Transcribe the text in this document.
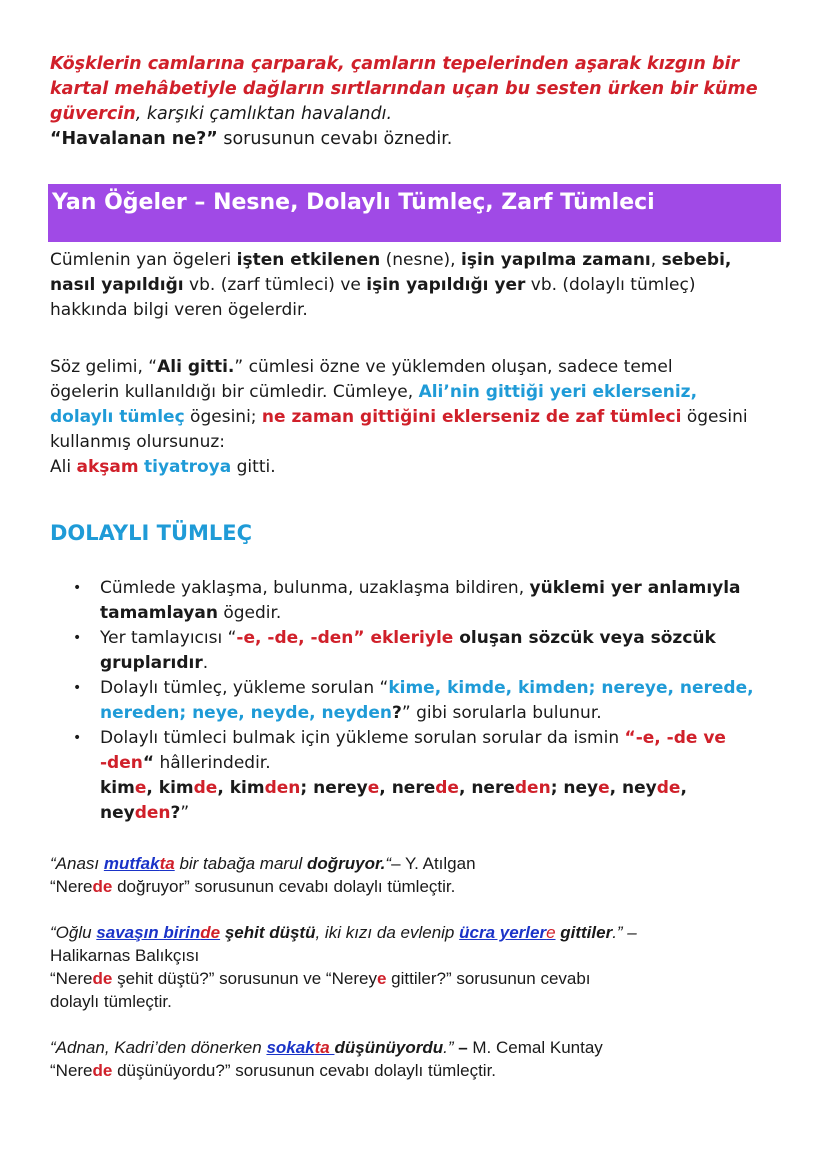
Köşklerin camlarına çarparak, çamların tepelerinden aşarak kızgın bir
kartal mehâbetiyle dağların sırtlarından uçan bu sesten ürken bir küme
güvercin, karşıki çamlıktan havalandı.
“Havalanan ne?” sorusunun cevabı öznedir.
Yan Öğeler – Nesne, Dolaylı Tümleç, Zarf Tümleci
Cümlenin yan ögeleri işten etkilenen (nesne), işin yapılma zamanı, sebebi,
nasıl yapıldığı vb. (zarf tümleci) ve işin yapıldığı yer vb. (dolaylı tümleç)
hakkında bilgi veren ögelerdir.
Söz gelimi, “Ali gitti.” cümlesi özne ve yüklemden oluşan, sadece temel
ögelerin kullanıldığı bir cümledir. Cümleye, Ali’nin gittiği yeri eklerseniz,
dolaylı tümleç ögesini; ne zaman gittiğini eklerseniz de zaf tümleci ögesini
kullanmış olursunuz:
Ali akşam tiyatroya gitti.
DOLAYLI TÜMLEÇ
• Cümlede yaklaşma, bulunma, uzaklaşma bildiren, yüklemi yer anlamıyla
tamamlayan ögedir.
• Yer tamlayıcısı “-e, -de, -den” ekleriyle oluşan sözcük veya sözcük
gruplarıdır.
• Dolaylı tümleç, yükleme sorulan “kime, kimde, kimden; nereye, nerede,
nereden; neye, neyde, neyden?” gibi sorularla bulunur.
• Dolaylı tümleci bulmak için yükleme sorulan sorular da ismin “-e, -de ve
-den“ hâllerindedir.
kime, kimde, kimden; nereye, nerede, nereden; neye, neyde,
neyden?”
“Anası mutfakta bir tabağa marul doğruyor.“– Y. Atılgan
“Nerede doğruyor” sorusunun cevabı dolaylı tümleçtir.
“Oğlu savaşın birinde şehit düştü, iki kızı da evlenip ücra yerlere gittiler.” –
Halikarnas Balıkçısı
“Nerede şehit düştü?” sorusunun ve “Nereye gittiler?” sorusunun cevabı
dolaylı tümleçtir.
“Adnan, Kadri’den dönerken sokakta düşünüyordu.” – M. Cemal Kuntay
“Nerede düşünüyordu?” sorusunun cevabı dolaylı tümleçtir.
